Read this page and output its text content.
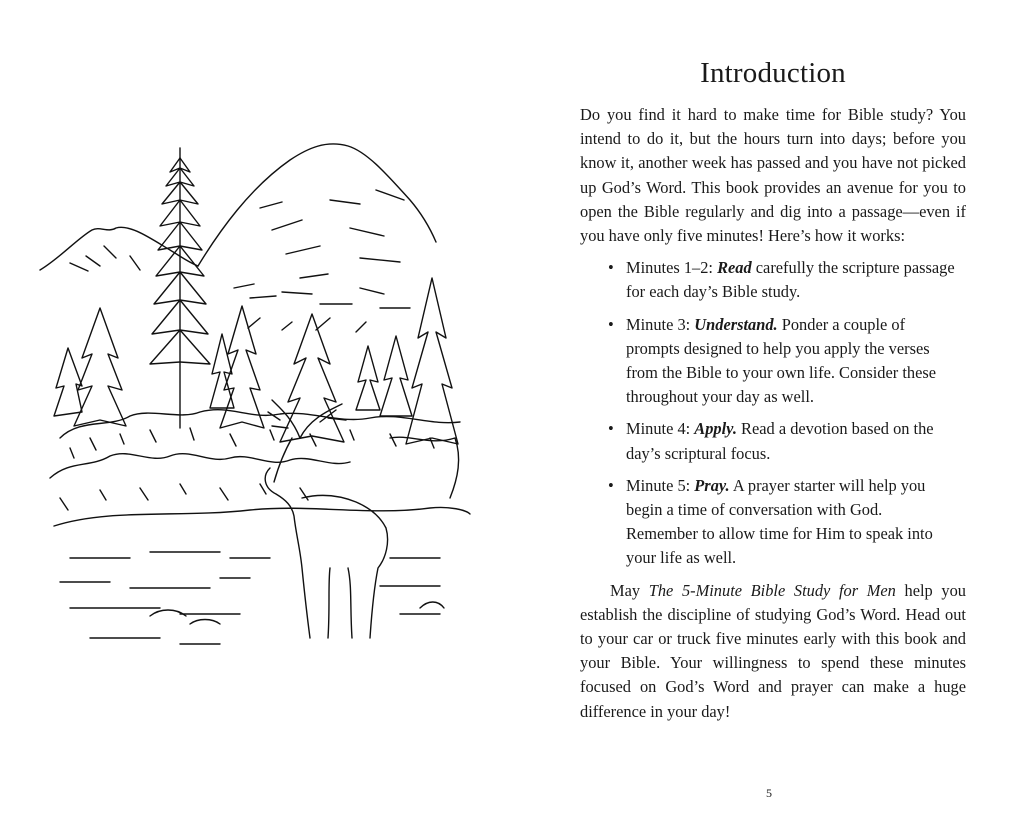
Introduction

Do you find it hard to make time for Bible study? You intend to do it, but the hours turn into days; before you know it, another week has passed and you have not picked up God’s Word. This book provides an avenue for you to open the Bible regularly and dig into a passage—even if you have only five minutes! Here’s how it works:

• Minutes 1–2: Read carefully the scripture passage for each day’s Bible study.
• Minute 3: Understand. Ponder a couple of prompts designed to help you apply the verses from the Bible to your own life. Consider these throughout your day as well.
• Minute 4: Apply. Read a devotion based on the day’s scriptural focus.
• Minute 5: Pray. A prayer starter will help you begin a time of conversation with God. Remember to allow time for Him to speak into your life as well.

May The 5-Minute Bible Study for Men help you establish the discipline of studying God’s Word. Head out to your car or truck five minutes early with this book and your Bible. Your willingness to spend these minutes focused on God’s Word and prayer can make a huge difference in your day!

5
